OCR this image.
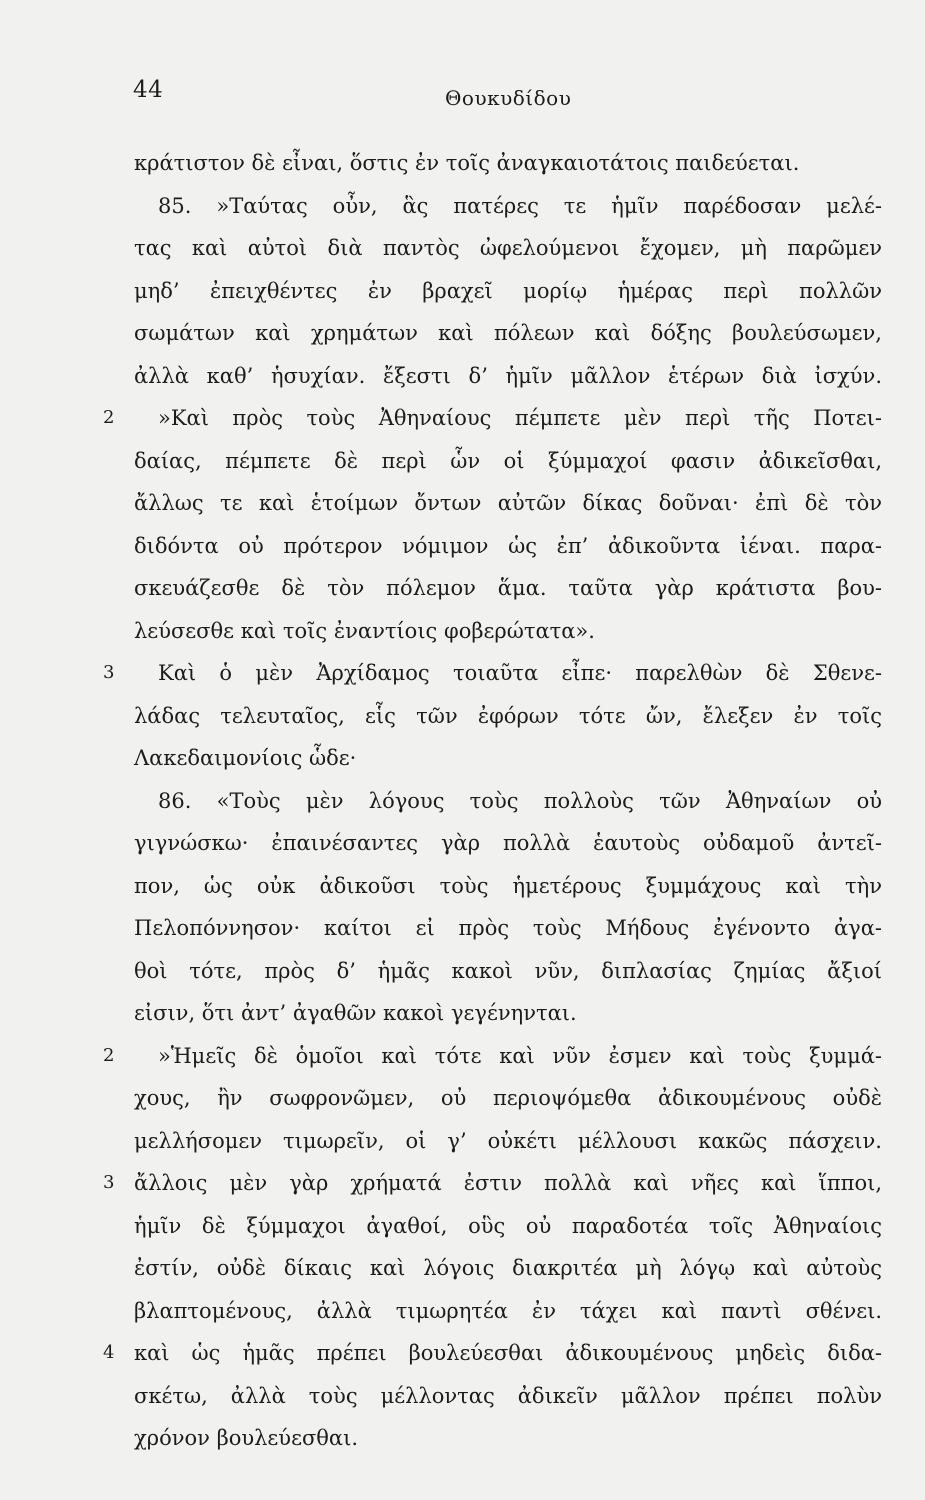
44	Θουκυδίδου
κράτιστον δὲ εἶναι, ὅστις ἐν τοῖς ἀναγκαιοτάτοις παιδεύεται.
85. »Ταύτας οὖν, ἃς πατέρες τε ἡμῖν παρέδοσαν μελέ-
τας καὶ αὐτοὶ διὰ παντὸς ὠφελούμενοι ἔχομεν, μὴ παρῶμεν
μηδ’ ἐπειχθέντες ἐν βραχεῖ μορίῳ ἡμέρας περὶ πολλῶν
σωμάτων καὶ χρημάτων καὶ πόλεων καὶ δόξης βουλεύσωμεν,
ἀλλὰ καθ’ ἡσυχίαν. ἔξεστι δ’ ἡμῖν μᾶλλον ἑτέρων διὰ ἰσχύν.
2 »Καὶ πρὸς τοὺς Ἀθηναίους πέμπετε μὲν περὶ τῆς Ποτει-
δαίας, πέμπετε δὲ περὶ ὧν οἱ ξύμμαχοί φασιν ἀδικεῖσθαι,
ἄλλως τε καὶ ἑτοίμων ὄντων αὐτῶν δίκας δοῦναι· ἐπὶ δὲ τὸν
διδόντα οὐ πρότερον νόμιμον ὡς ἐπ’ ἀδικοῦντα ἰέναι. παρα-
σκευάζεσθε δὲ τὸν πόλεμον ἅμα. ταῦτα γὰρ κράτιστα βου-
λεύσεσθε καὶ τοῖς ἐναντίοις φοβερώτατα».
3 Καὶ ὁ μὲν Ἀρχίδαμος τοιαῦτα εἶπε· παρελθὼν δὲ Σθενε-
λάδας τελευταῖος, εἷς τῶν ἐφόρων τότε ὤν, ἔλεξεν ἐν τοῖς
Λακεδαιμονίοις ὧδε·
86. «Τοὺς μὲν λόγους τοὺς πολλοὺς τῶν Ἀθηναίων οὐ
γιγνώσκω· ἐπαινέσαντες γὰρ πολλὰ ἑαυτοὺς οὐδαμοῦ ἀντεῖ-
πον, ὡς οὐκ ἀδικοῦσι τοὺς ἡμετέρους ξυμμάχους καὶ τὴν
Πελοπόννησον· καίτοι εἰ πρὸς τοὺς Μήδους ἐγένοντο ἀγα-
θοὶ τότε, πρὸς δ’ ἡμᾶς κακοὶ νῦν, διπλασίας ζημίας ἄξιοί
εἰσιν, ὅτι ἀντ’ ἀγαθῶν κακοὶ γεγένηνται.
2 »Ἡμεῖς δὲ ὁμοῖοι καὶ τότε καὶ νῦν ἐσμεν καὶ τοὺς ξυμμά-
χους, ἢν σωφρονῶμεν, οὐ περιοψόμεθα ἀδικουμένους οὐδὲ
μελλήσομεν τιμωρεῖν, οἱ γ’ οὐκέτι μέλλουσι κακῶς πάσχειν.
3 ἄλλοις μὲν γὰρ χρήματά ἐστιν πολλὰ καὶ νῆες καὶ ἵπποι,
ἡμῖν δὲ ξύμμαχοι ἀγαθοί, οὓς οὐ παραδοτέα τοῖς Ἀθηναίοις
ἐστίν, οὐδὲ δίκαις καὶ λόγοις διακριτέα μὴ λόγῳ καὶ αὐτοὺς
βλαπτομένους, ἀλλὰ τιμωρητέα ἐν τάχει καὶ παντὶ σθένει.
4 καὶ ὡς ἡμᾶς πρέπει βουλεύεσθαι ἀδικουμένους μηδεὶς διδα-
σκέτω, ἀλλὰ τοὺς μέλλοντας ἀδικεῖν μᾶλλον πρέπει πολὺν
χρόνον βουλεύεσθαι.
